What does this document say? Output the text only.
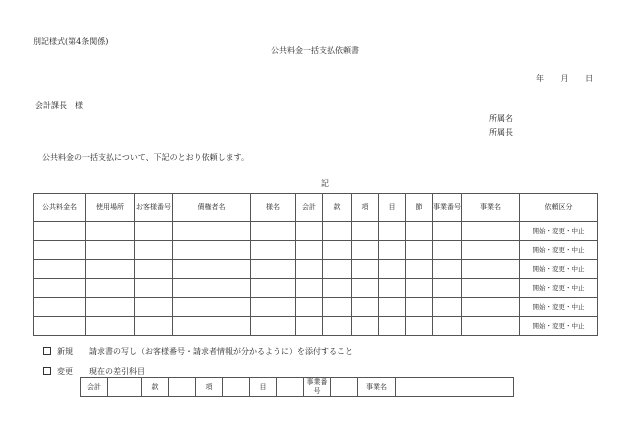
別記様式(第4条関係)
公共料金一括支払依頼書
年 月 日
会計課長　様
所属名
所属長
公共料金の一括支払について、下記のとおり依頼します。
記
公共料金名	使用場所	お客様番号	債権者名	様名	会計	款	項	目	節	事業番号	事業名	依頼区分
												開始・変更・中止
												開始・変更・中止
												開始・変更・中止
												開始・変更・中止
												開始・変更・中止
												開始・変更・中止
新規 請求書の写し（お客様番号・請求者情報が分かるように）を添付すること
変更 現在の差引科目
会計		款		項		目		事業番号		事業名	
